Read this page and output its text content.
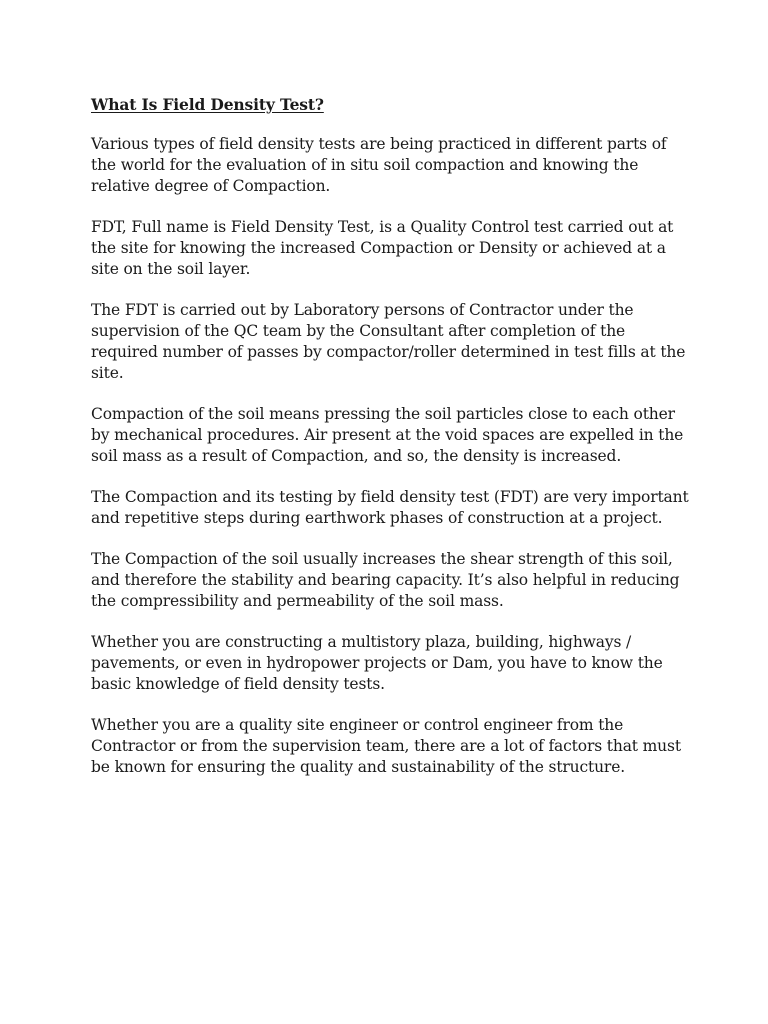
What Is Field Density Test?

Various types of field density tests are being practiced in different parts of the world for the evaluation of in situ soil compaction and knowing the relative degree of Compaction.

FDT, Full name is Field Density Test, is a Quality Control test carried out at the site for knowing the increased Compaction or Density or achieved at a site on the soil layer.

The FDT is carried out by Laboratory persons of Contractor under the supervision of the QC team by the Consultant after completion of the required number of passes by compactor/roller determined in test fills at the site.

Compaction of the soil means pressing the soil particles close to each other by mechanical procedures. Air present at the void spaces are expelled in the soil mass as a result of Compaction, and so, the density is increased.

The Compaction and its testing by field density test (FDT) are very important and repetitive steps during earthwork phases of construction at a project.

The Compaction of the soil usually increases the shear strength of this soil, and therefore the stability and bearing capacity. It’s also helpful in reducing the compressibility and permeability of the soil mass.

Whether you are constructing a multistory plaza, building, highways / pavements, or even in hydropower projects or Dam, you have to know the basic knowledge of field density tests.

Whether you are a quality site engineer or control engineer from the Contractor or from the supervision team, there are a lot of factors that must be known for ensuring the quality and sustainability of the structure.
